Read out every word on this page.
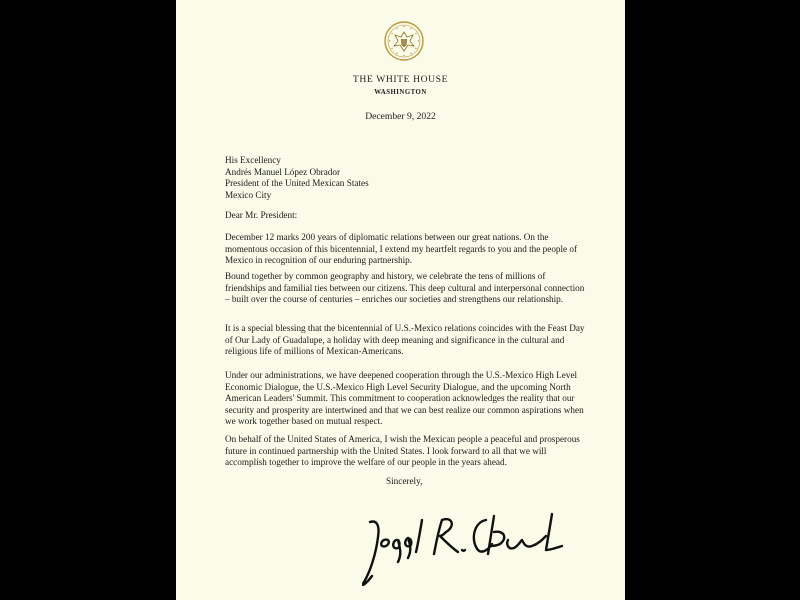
THE WHITE HOUSE
WASHINGTON
December 9, 2022
His Excellency
Andrés Manuel López Obrador
President of the United Mexican States
Mexico City
Dear Mr. President:
December 12 marks 200 years of diplomatic relations between our great nations. On the momentous occasion of this bicentennial, I extend my heartfelt regards to you and the people of Mexico in recognition of our enduring partnership.
Bound together by common geography and history, we celebrate the tens of millions of friendships and familial ties between our citizens. This deep cultural and interpersonal connection – built over the course of centuries – enriches our societies and strengthens our relationship.
It is a special blessing that the bicentennial of U.S.-Mexico relations coincides with the Feast Day of Our Lady of Guadalupe, a holiday with deep meaning and significance in the cultural and religious life of millions of Mexican-Americans.
Under our administrations, we have deepened cooperation through the U.S.-Mexico High Level Economic Dialogue, the U.S.-Mexico High Level Security Dialogue, and the upcoming North American Leaders' Summit. This commitment to cooperation acknowledges the reality that our security and prosperity are intertwined and that we can best realize our common aspirations when we work together based on mutual respect.
On behalf of the United States of America, I wish the Mexican people a peaceful and prosperous future in continued partnership with the United States. I look forward to all that we will accomplish together to improve the welfare of our people in the years ahead.
Sincerely,
